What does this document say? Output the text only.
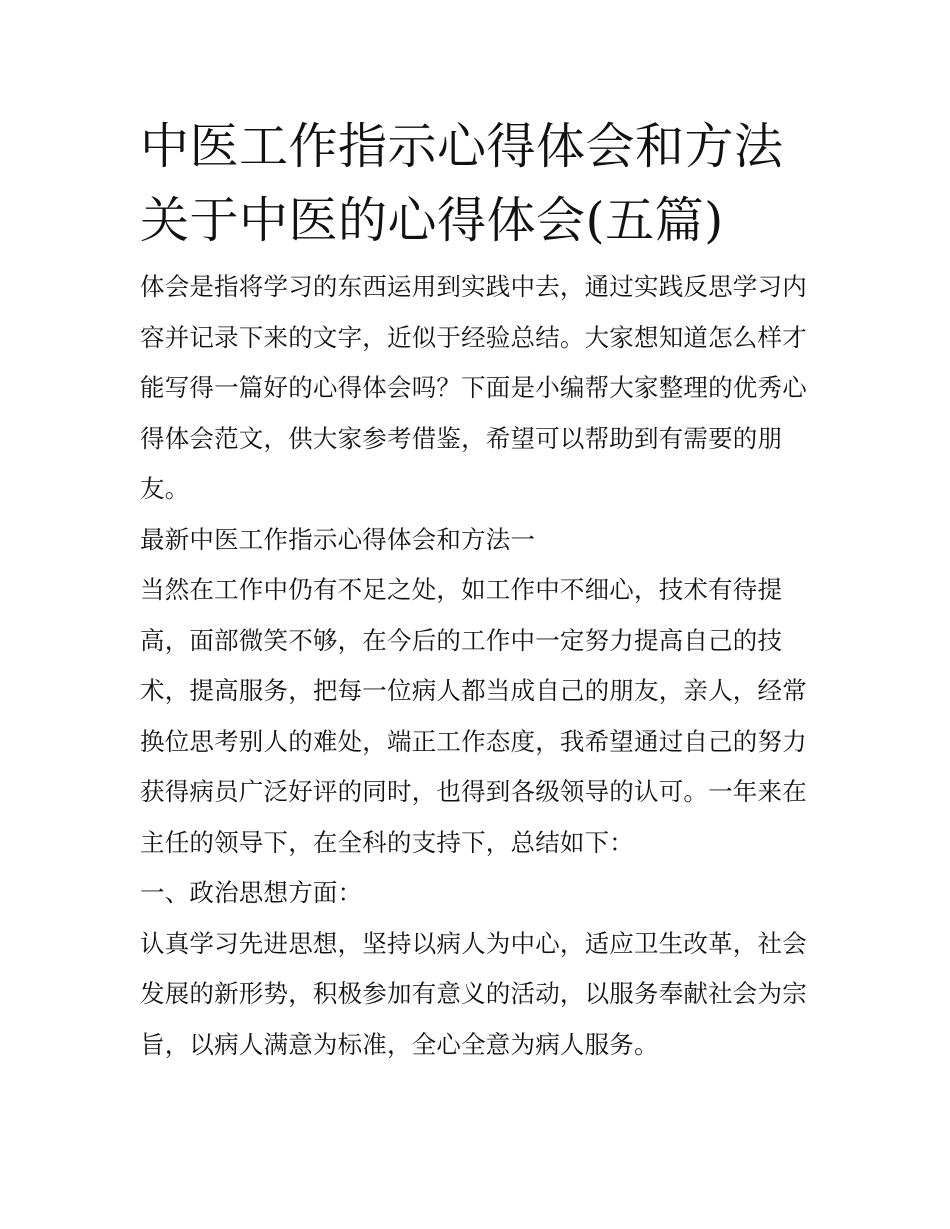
中医工作指示心得体会和方法
关于中医的心得体会(五篇)

体会是指将学习的东西运用到实践中去，通过实践反思学习内容并记录下来的文字，近似于经验总结。大家想知道怎么样才能写得一篇好的心得体会吗？下面是小编帮大家整理的优秀心得体会范文，供大家参考借鉴，希望可以帮助到有需要的朋友。

最新中医工作指示心得体会和方法一

当然在工作中仍有不足之处，如工作中不细心，技术有待提高，面部微笑不够，在今后的工作中一定努力提高自己的技术，提高服务，把每一位病人都当成自己的朋友，亲人，经常换位思考别人的难处，端正工作态度，我希望通过自己的努力获得病员广泛好评的同时，也得到各级领导的认可。一年来在主任的领导下，在全科的支持下，总结如下：

一、政治思想方面：

认真学习先进思想，坚持以病人为中心，适应卫生改革，社会发展的新形势，积极参加有意义的活动，以服务奉献社会为宗旨，以病人满意为标准，全心全意为病人服务。
